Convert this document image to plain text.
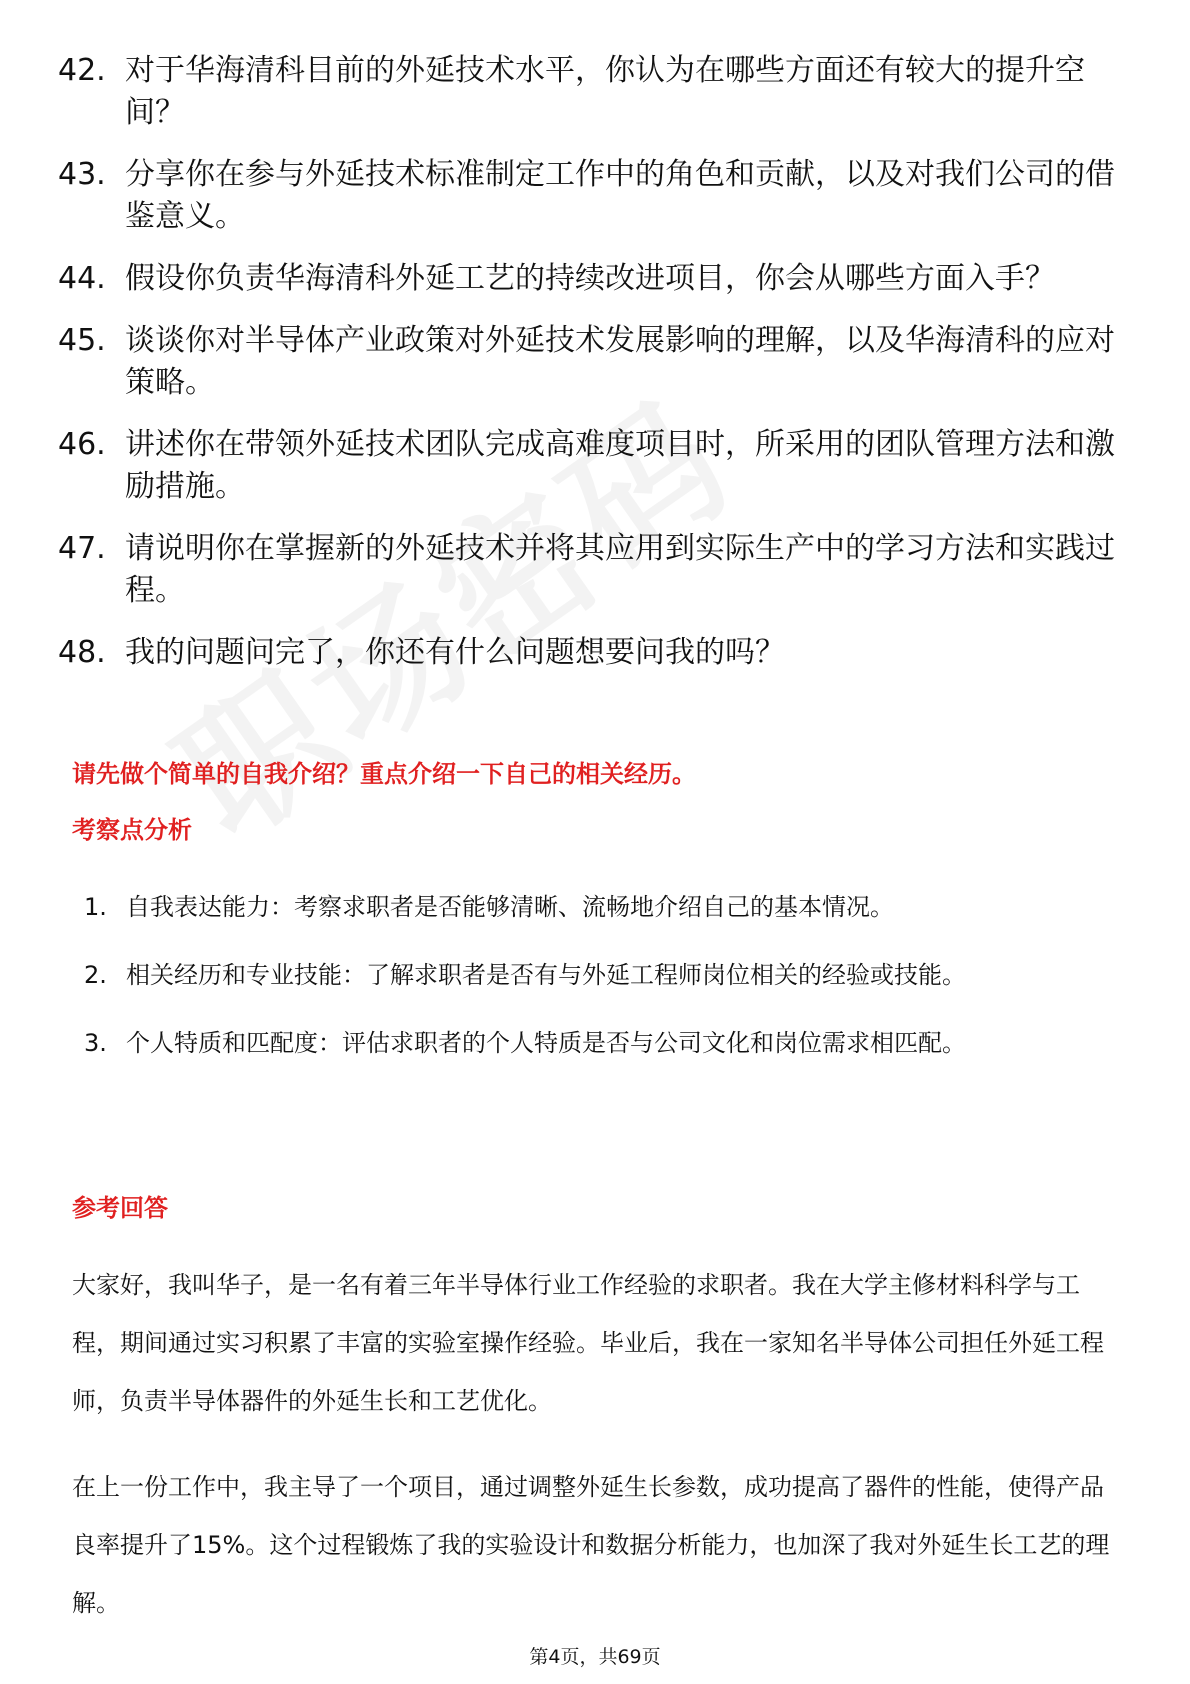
42. 对于华海清科目前的外延技术水平，你认为在哪些方面还有较大的提升空间？
43. 分享你在参与外延技术标准制定工作中的角色和贡献，以及对我们公司的借鉴意义。
44. 假设你负责华海清科外延工艺的持续改进项目，你会从哪些方面入手？
45. 谈谈你对半导体产业政策对外延技术发展影响的理解，以及华海清科的应对策略。
46. 讲述你在带领外延技术团队完成高难度项目时，所采用的团队管理方法和激励措施。
47. 请说明你在掌握新的外延技术并将其应用到实际生产中的学习方法和实践过程。
48. 我的问题问完了，你还有什么问题想要问我的吗？
请先做个简单的自我介绍？重点介绍一下自己的相关经历。
考察点分析
1. 自我表达能力：考察求职者是否能够清晰、流畅地介绍自己的基本情况。
2. 相关经历和专业技能：了解求职者是否有与外延工程师岗位相关的经验或技能。
3. 个人特质和匹配度：评估求职者的个人特质是否与公司文化和岗位需求相匹配。
参考回答

大家好，我叫华子，是一名有着三年半导体行业工作经验的求职者。我在大学主修材料科学与工程，期间通过实习积累了丰富的实验室操作经验。毕业后，我在一家知名半导体公司担任外延工程师，负责半导体器件的外延生长和工艺优化。

在上一份工作中，我主导了一个项目，通过调整外延生长参数，成功提高了器件的性能，使得产品良率提升了15%。这个过程锻炼了我的实验设计和数据分析能力，也加深了我对外延生长工艺的理解。

第4页，共69页
